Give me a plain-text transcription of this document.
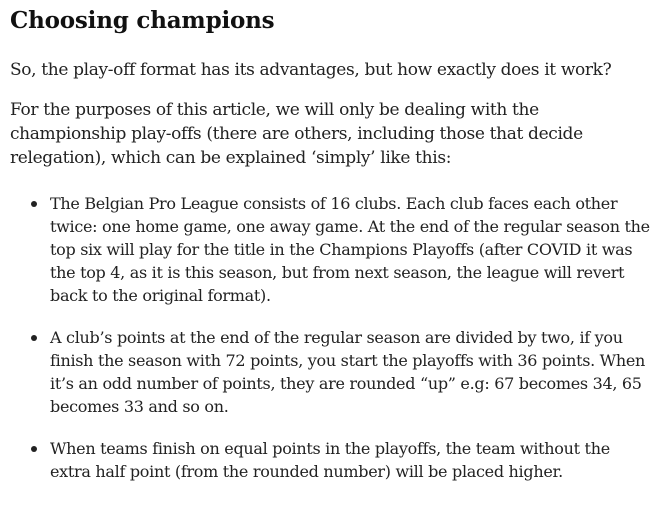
Choosing champions

So, the play-off format has its advantages, but how exactly does it work?

For the purposes of this article, we will only be dealing with the championship play-offs (there are others, including those that decide relegation), which can be explained ‘simply’ like this:

The Belgian Pro League consists of 16 clubs. Each club faces each other twice: one home game, one away game. At the end of the regular season the top six will play for the title in the Champions Playoffs (after COVID it was the top 4, as it is this season, but from next season, the league will revert back to the original format).
A club’s points at the end of the regular season are divided by two, if you finish the season with 72 points, you start the playoffs with 36 points. When it’s an odd number of points, they are rounded “up” e.g: 67 becomes 34, 65 becomes 33 and so on.
When teams finish on equal points in the playoffs, the team without the extra half point (from the rounded number) will be placed higher.
